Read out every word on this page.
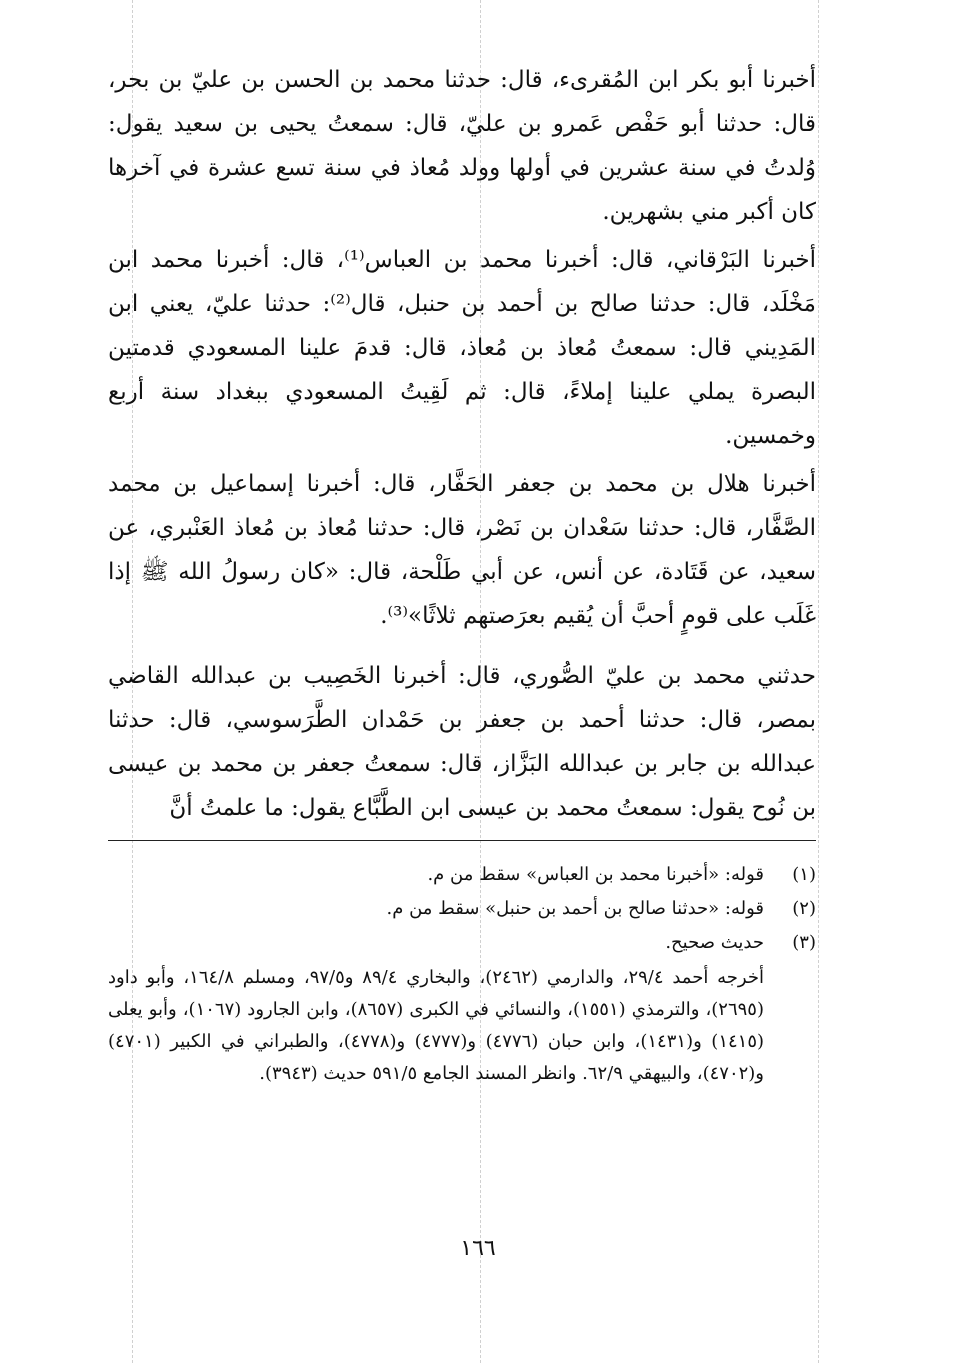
أخبرنا أبو بكر ابن المُقرىء، قال: حدثنا محمد بن الحسن بن عليّ بن بحر، قال: حدثنا أبو حَفْص عَمرو بن عليّ، قال: سمعتُ يحيى بن سعيد يقول: وُلدتُ في سنة عشرين في أولها وولد مُعاذ في سنة تسع عشرة في آخرها كان أكبر مني بشهرين.

أخبرنا البَرْقاني، قال: أخبرنا محمد بن العباس⁽¹⁾، قال: أخبرنا محمد ابن مَخْلَد، قال: حدثنا صالح بن أحمد بن حنبل، قال⁽²⁾: حدثنا عليّ، يعني ابن المَدِيني قال: سمعتُ مُعاذ بن مُعاذ، قال: قدمَ علينا المسعودي قدمتين البصرة يملي علينا إملاءً، قال: ثم لَقِيتُ المسعودي ببغداد سنة أربع وخمسين.

أخبرنا هلال بن محمد بن جعفر الحَفَّار، قال: أخبرنا إسماعيل بن محمد الصَّفَّار، قال: حدثنا سَعْدان بن نَصْر، قال: حدثنا مُعاذ بن مُعاذ العَنْبري، عن سعيد، عن قَتَادة، عن أنس، عن أبي طَلْحة، قال: «كان رسولُ الله ﷺ إذا غَلَب على قومٍ أحبَّ أن يُقيم بعرَصتهم ثلاثًا»⁽³⁾.

حدثني محمد بن عليّ الصُّوري، قال: أخبرنا الخَصِيب بن عبدالله القاضي بمصر، قال: حدثنا أحمد بن جعفر بن حَمْدان الطَّرَسوسي، قال: حدثنا عبدالله بن جابر بن عبدالله البَزَّاز، قال: سمعتُ جعفر بن محمد بن عيسى بن نُوح يقول: سمعتُ محمد بن عيسى ابن الطَّبَّاع يقول: ما علمتُ أنَّ

(١)
قوله: «أخبرنا محمد بن العباس» سقط من م.
(٢)
قوله: «حدثنا صالح بن أحمد بن حنبل» سقط من م.
(٣)
حديث صحيح.
أخرجه أحمد ٢٩/٤، والدارمي (٢٤٦٢)، والبخاري ٨٩/٤ و٩٧/٥، ومسلم ١٦٤/٨، وأبو داود (٢٦٩٥)، والترمذي (١٥٥١)، والنسائي في الكبرى (٨٦٥٧)، وابن الجارود (١٠٦٧)، وأبو يعلى (١٤١٥) و(١٤٣١)، وابن حبان (٤٧٧٦) و(٤٧٧٧) و(٤٧٧٨)، والطبراني في الكبير (٤٧٠١) و(٤٧٠٢)، والبيهقي ٦٢/٩. وانظر المسند الجامع ٥٩١/٥ حديث (٣٩٤٣).
١٦٦
